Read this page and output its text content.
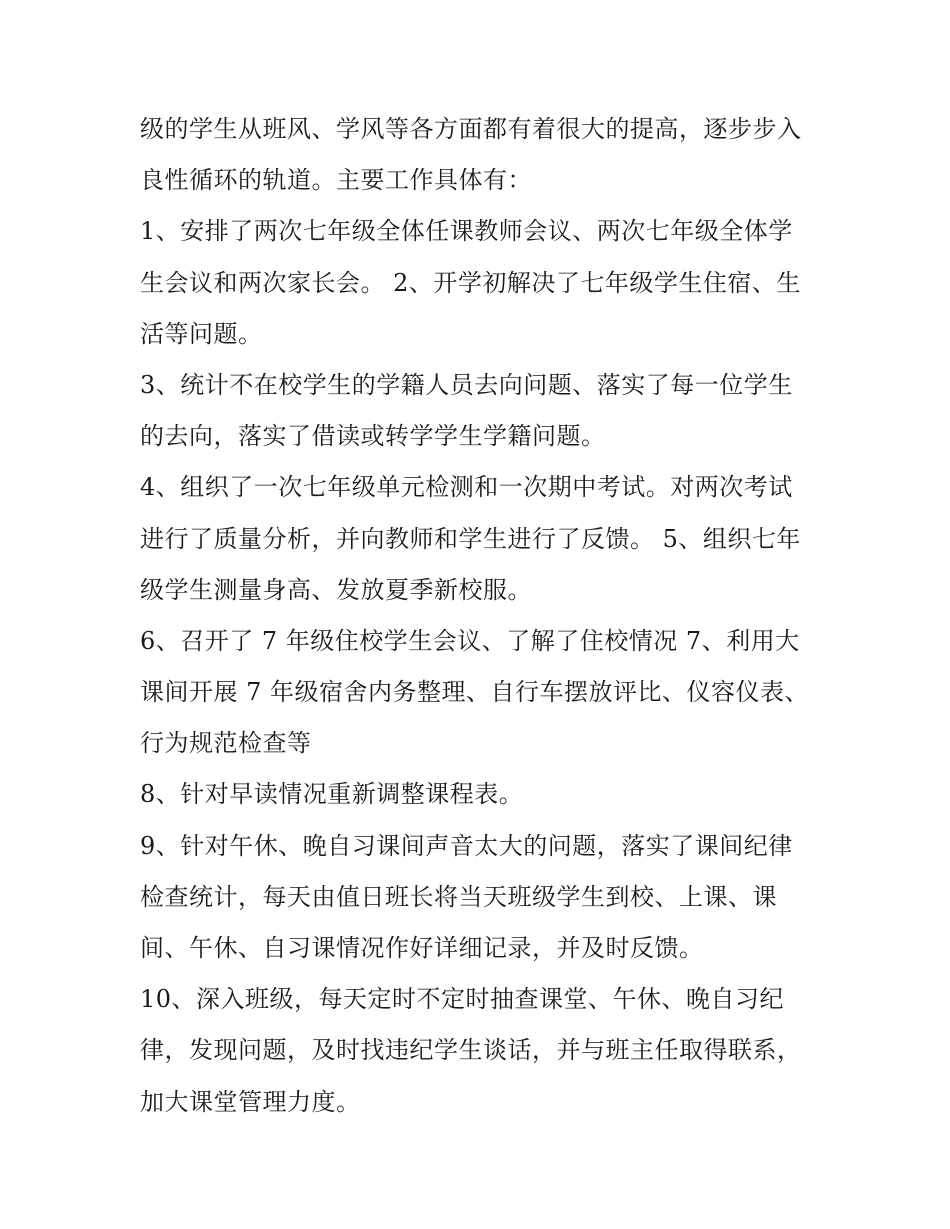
级的学生从班风、学风等各方面都有着很大的提高，逐步步入
良性循环的轨道。主要工作具体有：
1、安排了两次七年级全体任课教师会议、两次七年级全体学
生会议和两次家长会。 2、开学初解决了七年级学生住宿、生
活等问题。
3、统计不在校学生的学籍人员去向问题、落实了每一位学生
的去向，落实了借读或转学学生学籍问题。
4、组织了一次七年级单元检测和一次期中考试。对两次考试
进行了质量分析，并向教师和学生进行了反馈。 5、组织七年
级学生测量身高、发放夏季新校服。
6、召开了 7 年级住校学生会议、了解了住校情况 7、利用大
课间开展 7 年级宿舍内务整理、自行车摆放评比、仪容仪表、
行为规范检查等
8、针对早读情况重新调整课程表。
9、针对午休、晚自习课间声音太大的问题，落实了课间纪律
检查统计，每天由值日班长将当天班级学生到校、上课、课
间、午休、自习课情况作好详细记录，并及时反馈。
10、深入班级，每天定时不定时抽查课堂、午休、晚自习纪
律，发现问题，及时找违纪学生谈话，并与班主任取得联系，
加大课堂管理力度。
